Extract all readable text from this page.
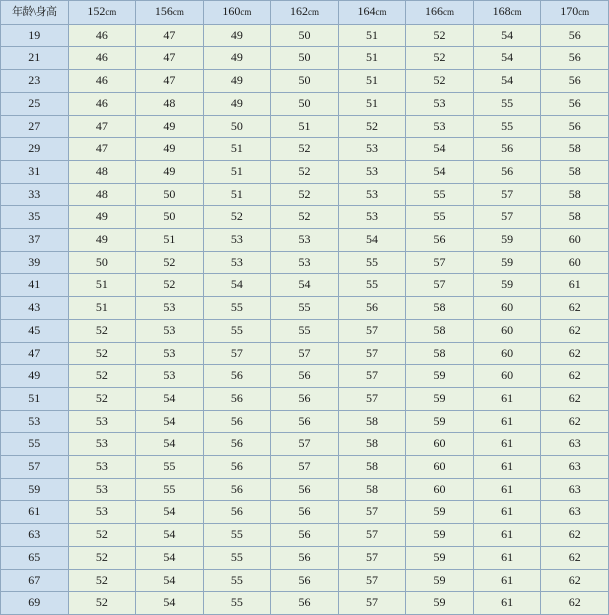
年龄\身高	152cm	156cm	160cm	162cm	164cm	166cm	168cm	170cm
19	46	47	49	50	51	52	54	56
21	46	47	49	50	51	52	54	56
23	46	47	49	50	51	52	54	56
25	46	48	49	50	51	53	55	56
27	47	49	50	51	52	53	55	56
29	47	49	51	52	53	54	56	58
31	48	49	51	52	53	54	56	58
33	48	50	51	52	53	55	57	58
35	49	50	52	52	53	55	57	58
37	49	51	53	53	54	56	59	60
39	50	52	53	53	55	57	59	60
41	51	52	54	54	55	57	59	61
43	51	53	55	55	56	58	60	62
45	52	53	55	55	57	58	60	62
47	52	53	57	57	57	58	60	62
49	52	53	56	56	57	59	60	62
51	52	54	56	56	57	59	61	62
53	53	54	56	56	58	59	61	62
55	53	54	56	57	58	60	61	63
57	53	55	56	57	58	60	61	63
59	53	55	56	56	58	60	61	63
61	53	54	56	56	57	59	61	63
63	52	54	55	56	57	59	61	62
65	52	54	55	56	57	59	61	62
67	52	54	55	56	57	59	61	62
69	52	54	55	56	57	59	61	62
